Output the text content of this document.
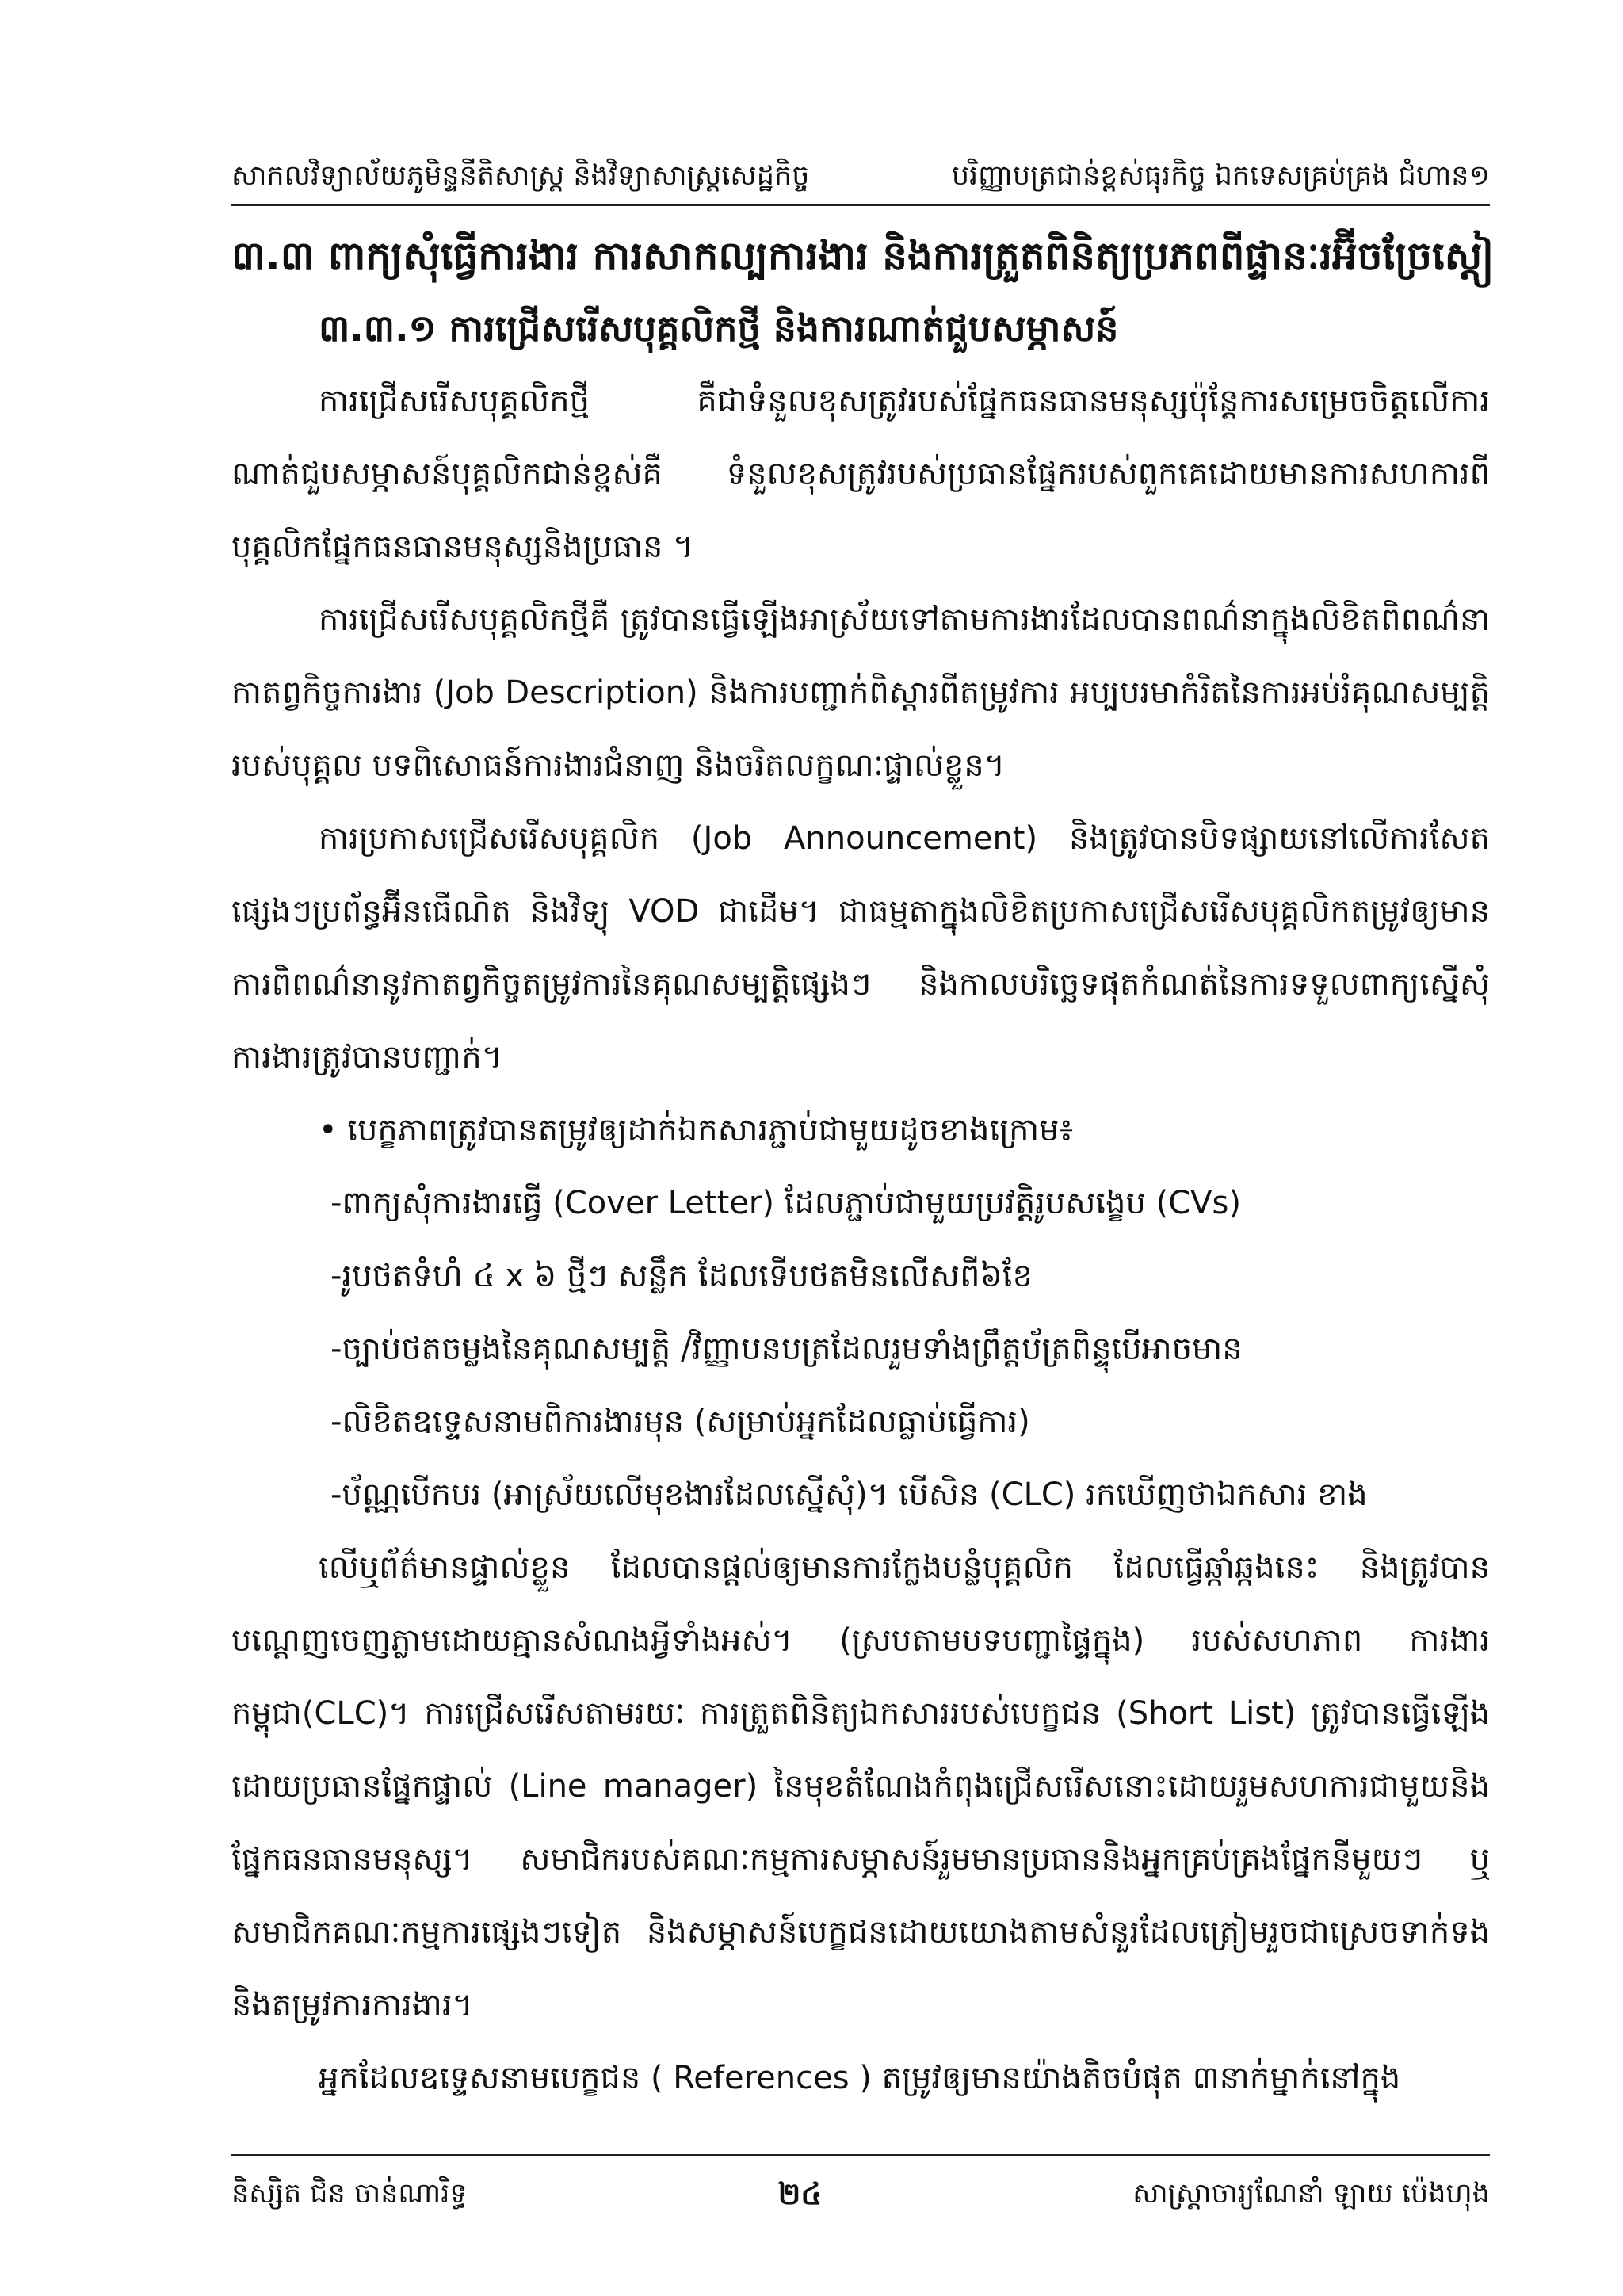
សាកលវិទ្យាល័យភូមិន្ទនីតិសាស្ត្រ និងវិទ្យាសាស្ត្រសេដ្ឋកិច្ច	បរិញ្ញាបត្រជាន់ខ្ពស់ធុរកិច្ច ឯកទេសគ្រប់គ្រង ជំហាន១

៣.៣ ពាក្យសុំធ្វើការងារ ការសាកល្បការងារ និងការត្រួតពិនិត្យប្រភពពីផ្ទានៈរអ៊ីចច្រែស្តៀ

៣.៣.១ ការជ្រើសរើសបុគ្គលិកថ្មី និងការណាត់ជួបសម្ភាសន៍

ការជ្រើសរើសបុគ្គលិកថ្មី គឺជាទំនួលខុសត្រូវរបស់ផ្នែកធនធានមនុស្សប៉ុន្តែការសម្រេចចិត្តលើការណាត់ជួបសម្ភាសន៍បុគ្គលិកជាន់ខ្ពស់គឺ ទំនួលខុសត្រូវរបស់ប្រធានផ្នែករបស់ពួកគេដោយមានការសហការពីបុគ្គលិកផ្នែកធនធានមនុស្សនិងប្រធាន ។

ការជ្រើសរើសបុគ្គលិកថ្មីគឺ ត្រូវបានធ្វើឡើងអាស្រ័យទៅតាមការងារដែលបានពណ៌នាក្នុងលិខិតពិពណ៌នា កាតព្វកិច្ចការងារ (Job Description) និងការបញ្ជាក់ពិស្តារពីតម្រូវការ អប្បបរមាកំរិតនៃការអប់រំគុណសម្បត្តិរបស់បុគ្គល បទពិសោធន៍ការងារជំនាញ និងចរិតលក្ខណៈផ្ទាល់ខ្លួន។

ការប្រកាសជ្រើសរើសបុគ្គលិក (Job Announcement) និងត្រូវបានបិទផ្សាយនៅលើការសែតផ្សេងៗប្រព័ន្ធអ៊ីនធើណិត និងវិទ្យុ VOD ជាដើម។ ជាធម្មតាក្នុងលិខិតប្រកាសជ្រើសរើសបុគ្គលិកតម្រូវឲ្យមានការពិពណ៌នានូវកាតព្វកិច្ចតម្រូវការនៃគុណសម្បត្តិផ្សេងៗ និងកាលបរិច្ឆេទផុតកំណត់នៃការទទួលពាក្យស្នើសុំការងារត្រូវបានបញ្ជាក់។

• បេក្ខភាពត្រូវបានតម្រូវឲ្យដាក់ឯកសារភ្ជាប់ជាមួយដូចខាងក្រោម៖

-ពាក្យសុំការងារធ្វើ (Cover Letter) ដែលភ្ជាប់ជាមួយប្រវត្តិរូបសង្ខេប (CVs)

-រូបថតទំហំ ៤ x ៦ ថ្មីៗ សន្លឹក ដែលទើបថតមិនលើសពី៦ខែ

-ច្បាប់ថតចម្លងនៃគុណសម្បត្តិ /វិញ្ញាបនបត្រដែលរួមទាំងព្រឹត្តប័ត្រពិន្ទុបើអាចមាន

-លិខិតឧទ្ទេសនាមពិការងារមុន (សម្រាប់អ្នកដែលធ្លាប់ធ្វើការ)

-ប័ណ្ណបើកបរ (អាស្រ័យលើមុខងារដែលស្នើសុំ)។ បើសិន (CLC) រកឃើញថាឯកសារ ខាង

លើឬព័ត៌មានផ្ទាល់ខ្លួន ដែលបានផ្តល់ឲ្យមានការក្លែងបន្លំបុគ្គលិក ដែលធ្វើឆ្កាំឆ្កងនេះ និងត្រូវបានបណ្តេញចេញភ្លាមដោយគ្មានសំណងអ្វីទាំងអស់។ (ស្របតាមបទបញ្ជាផ្ទៃក្នុង) របស់សហភាព ការងារកម្ពុជា(CLC)។ ការជ្រើសរើសតាមរយៈ ការត្រួតពិនិត្យឯកសាររបស់បេក្ខជន (Short List) ត្រូវបានធ្វើឡើងដោយប្រធានផ្នែកផ្ទាល់ (Line manager) នៃមុខតំណែងកំពុងជ្រើសរើសនោះដោយរួមសហការជាមួយនិងផ្នែកធនធានមនុស្ស។ សមាជិករបស់គណៈកម្មការសម្ភាសន៍រួមមានប្រធាននិងអ្នកគ្រប់គ្រងផ្នែកនីមួយៗ ឬសមាជិកគណៈកម្មការផ្សេងៗទៀត និងសម្ភាសន៍បេក្ខជនដោយយោងតាមសំនួរដែលត្រៀមរួចជាស្រេចទាក់ទងនិងតម្រូវការការងារ។

អ្នកដែលឧទ្ទេសនាមបេក្ខជន ( References ) តម្រូវឲ្យមានយ៉ាងតិចបំផុត ៣នាក់ម្នាក់នៅក្នុង

និស្សិត ជិន ចាន់ណារិទ្ធ	២៤	សាស្ត្រាចារ្យណែនាំ ឡាយ ប៉េងហុង
